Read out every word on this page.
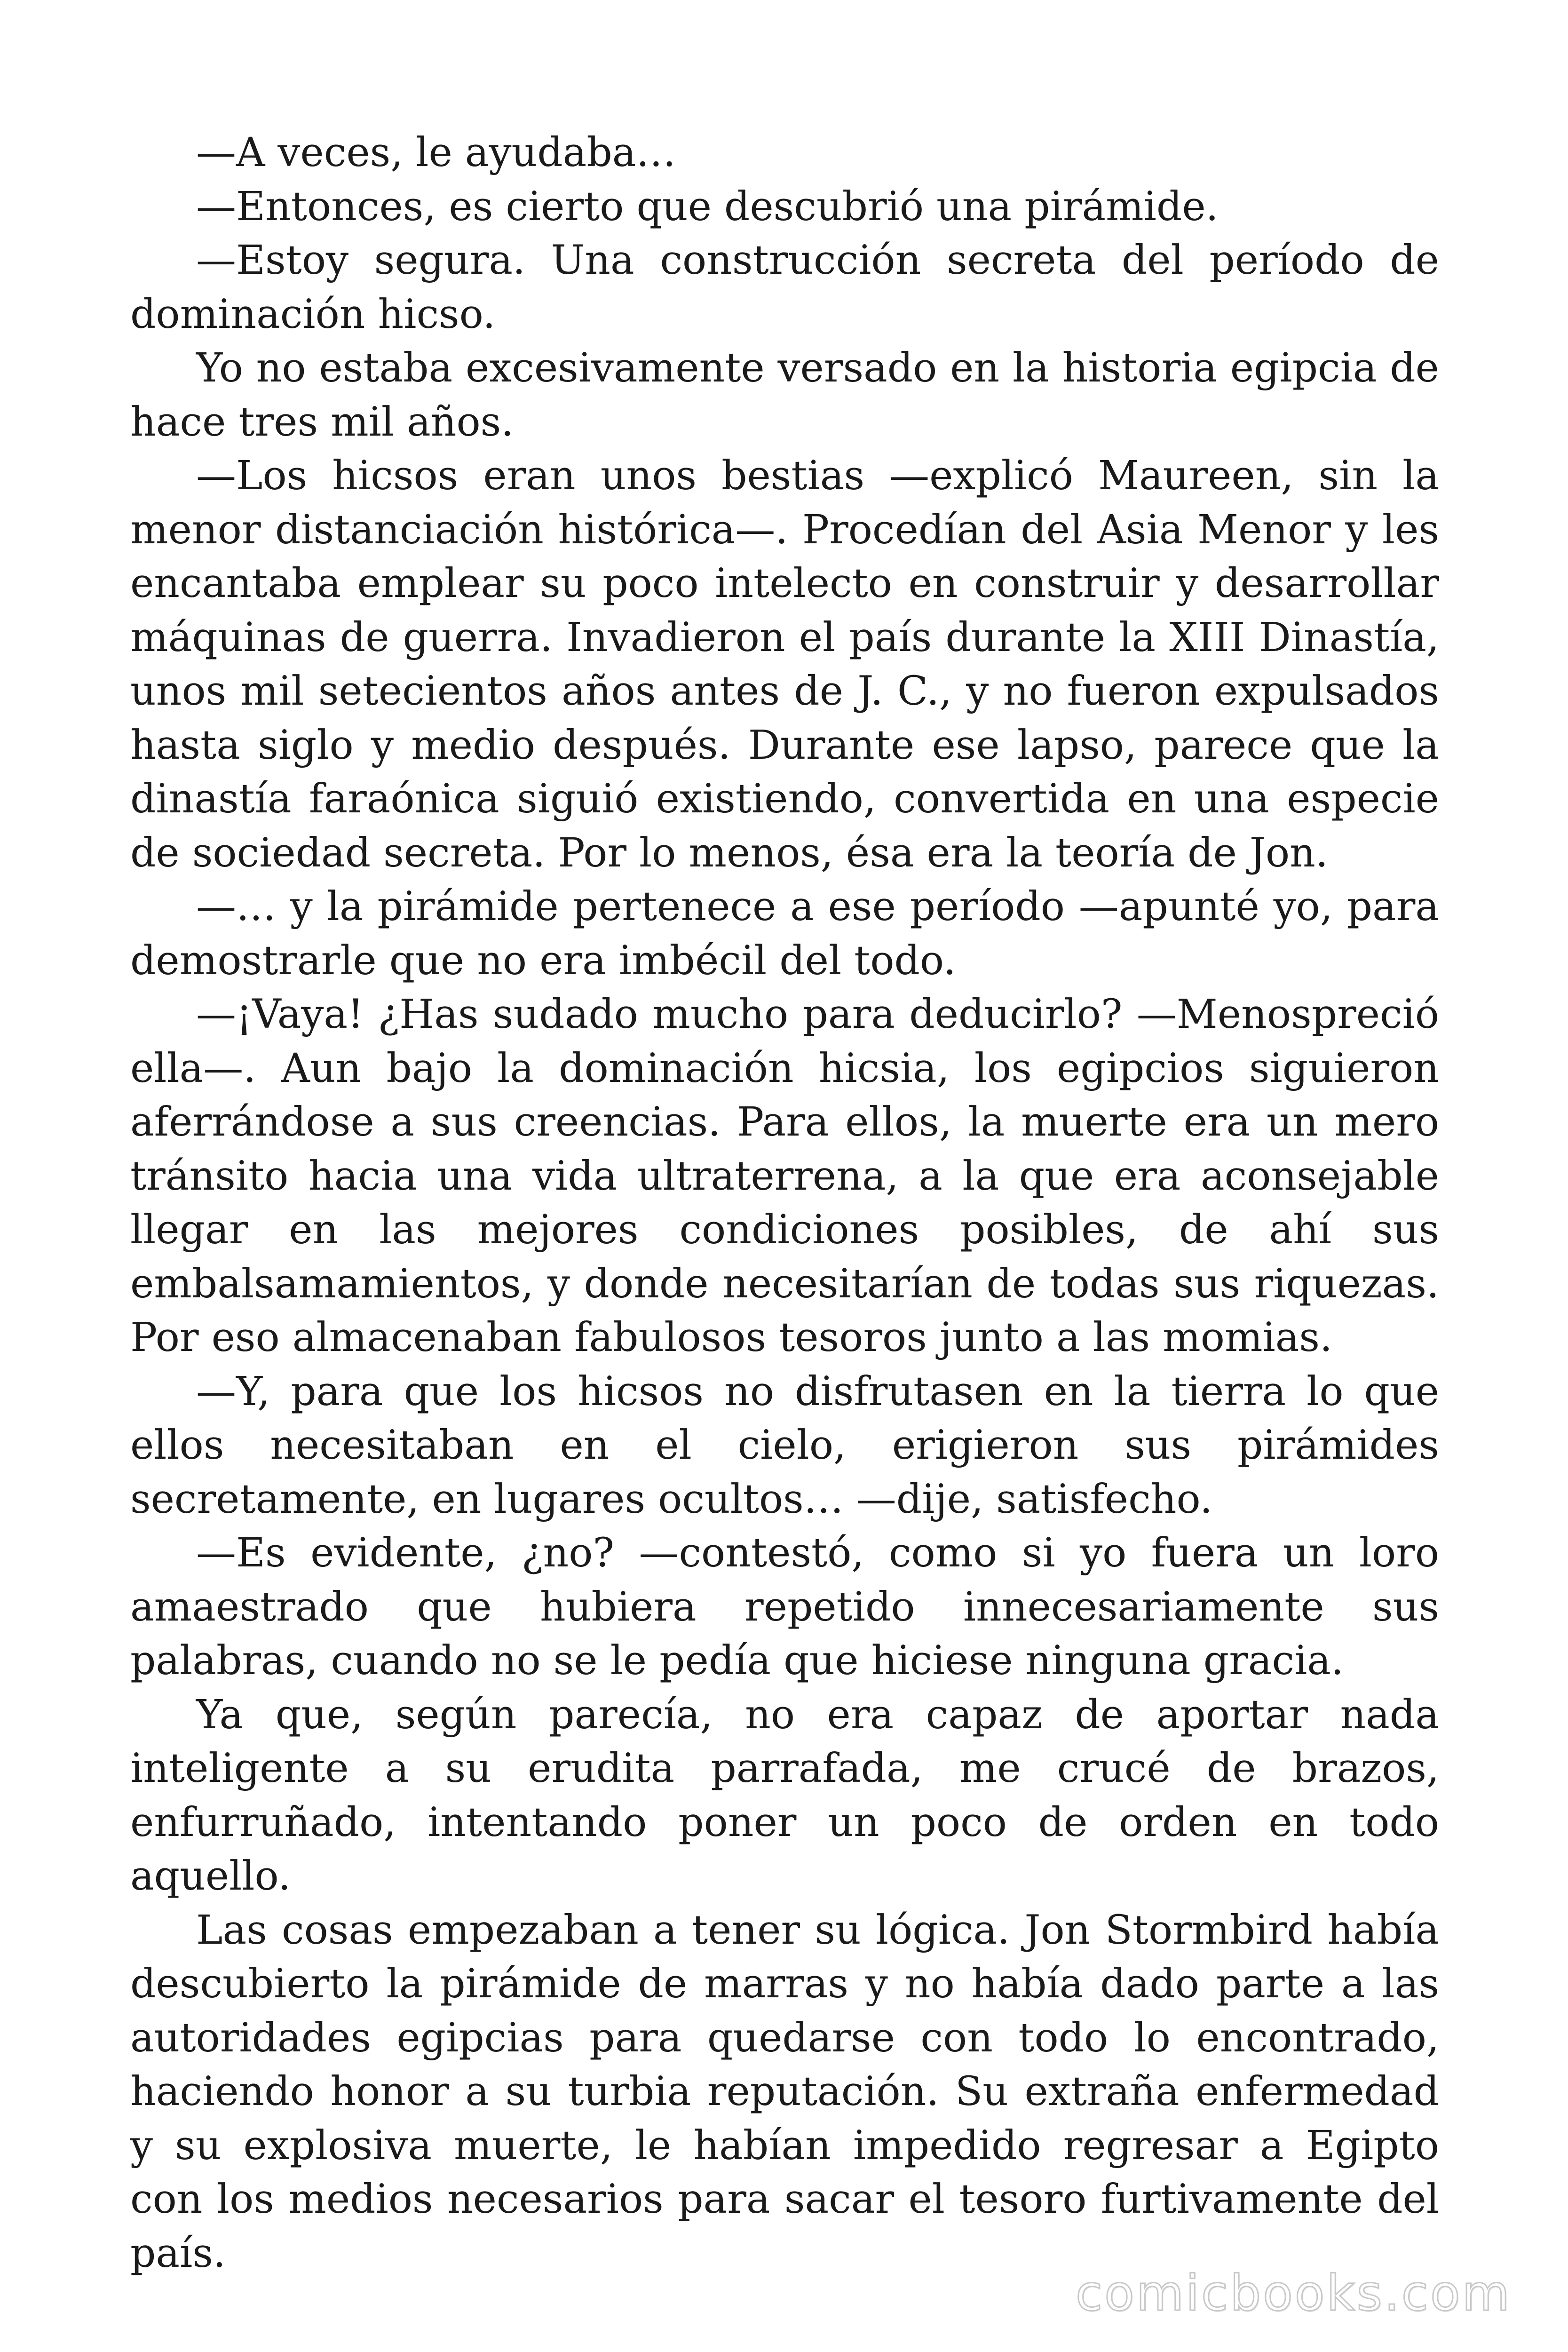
—A veces, le ayudaba…

—Entonces, es cierto que descubrió una pirámide.

—Estoy segura. Una construcción secreta del período de dominación hicso.

Yo no estaba excesivamente versado en la historia egipcia de hace tres mil años.

—Los hicsos eran unos bestias —explicó Maureen, sin la menor distanciación histórica—. Procedían del Asia Menor y les encantaba emplear su poco intelecto en construir y desarrollar máquinas de guerra. Invadieron el país durante la XIII Dinastía, unos mil setecientos años antes de J. C., y no fueron expulsados hasta siglo y medio después. Durante ese lapso, parece que la dinastía faraónica siguió existiendo, convertida en una especie de sociedad secreta. Por lo menos, ésa era la teoría de Jon.

—… y la pirámide pertenece a ese período —apunté yo, para demostrarle que no era imbécil del todo.

—¡Vaya! ¿Has sudado mucho para deducirlo? —Menospreció ella—. Aun bajo la dominación hicsia, los egipcios siguieron aferrándose a sus creencias. Para ellos, la muerte era un mero tránsito hacia una vida ultraterrena, a la que era aconsejable llegar en las mejores condiciones posibles, de ahí sus embalsamamientos, y donde necesitarían de todas sus riquezas. Por eso almacenaban fabulosos tesoros junto a las momias.

—Y, para que los hicsos no disfrutasen en la tierra lo que ellos necesitaban en el cielo, erigieron sus pirámides secretamente, en lugares ocultos… —dije, satisfecho.

—Es evidente, ¿no? —contestó, como si yo fuera un loro amaestrado que hubiera repetido innecesariamente sus palabras, cuando no se le pedía que hiciese ninguna gracia.

Ya que, según parecía, no era capaz de aportar nada inteligente a su erudita parrafada, me crucé de brazos, enfurruñado, intentando poner un poco de orden en todo aquello.

Las cosas empezaban a tener su lógica. Jon Stormbird había descubierto la pirámide de marras y no había dado parte a las autoridades egipcias para quedarse con todo lo encontrado, haciendo honor a su turbia reputación. Su extraña enfermedad y su explosiva muerte, le habían impedido regresar a Egipto con los medios necesarios para sacar el tesoro furtivamente del país.

comicbooks.com
